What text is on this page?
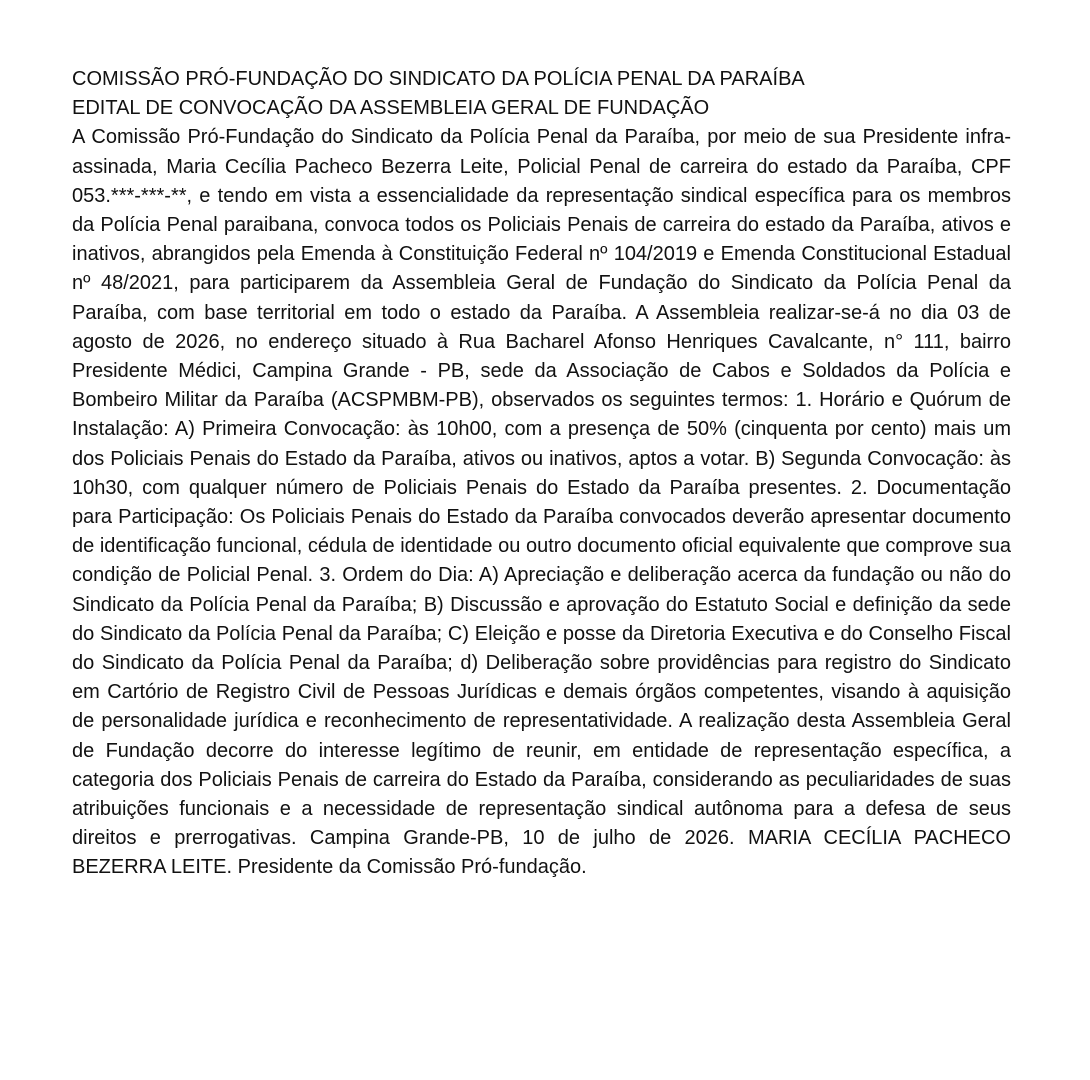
COMISSÃO PRÓ-FUNDAÇÃO DO SINDICATO DA POLÍCIA PENAL DA PARAÍBA

EDITAL DE CONVOCAÇÃO DA ASSEMBLEIA GERAL DE FUNDAÇÃO

A Comissão Pró-Fundação do Sindicato da Polícia Penal da Paraíba, por meio de sua Presidente infra-assinada, Maria Cecília Pacheco Bezerra Leite, Policial Penal de carreira do estado da Paraíba, CPF 053.***-***-**, e tendo em vista a essencialidade da representação sindical específica para os membros da Polícia Penal paraibana, convoca todos os Policiais Penais de carreira do estado da Paraíba, ativos e inativos, abrangidos pela Emenda à Constituição Federal nº 104/2019 e Emenda Constitucional Estadual nº 48/2021, para participarem da Assembleia Geral de Fundação do Sindicato da Polícia Penal da Paraíba, com base territorial em todo o estado da Paraíba. A Assembleia realizar-se-á no dia 03 de agosto de 2026, no endereço situado à Rua Bacharel Afonso Henriques Cavalcante, n° 111, bairro Presidente Médici, Campina Grande - PB, sede da Associação de Cabos e Soldados da Polícia e Bombeiro Militar da Paraíba (ACSPMBM-PB), observados os seguintes termos: 1. Horário e Quórum de Instalação: A) Primeira Convocação: às 10h00, com a presença de 50% (cinquenta por cento) mais um dos Policiais Penais do Estado da Paraíba, ativos ou inativos, aptos a votar. B) Segunda Convocação: às 10h30, com qualquer número de Policiais Penais do Estado da Paraíba presentes. 2. Documentação para Participação: Os Policiais Penais do Estado da Paraíba convocados deverão apresentar documento de identificação funcional, cédula de identidade ou outro documento oficial equivalente que comprove sua condição de Policial Penal. 3. Ordem do Dia: A) Apreciação e deliberação acerca da fundação ou não do Sindicato da Polícia Penal da Paraíba; B) Discussão e aprovação do Estatuto Social e definição da sede do Sindicato da Polícia Penal da Paraíba; C) Eleição e posse da Diretoria Executiva e do Conselho Fiscal do Sindicato da Polícia Penal da Paraíba; d) Deliberação sobre providências para registro do Sindicato em Cartório de Registro Civil de Pessoas Jurídicas e demais órgãos competentes, visando à aquisição de personalidade jurídica e reconhecimento de representatividade. A realização desta Assembleia Geral de Fundação decorre do interesse legítimo de reunir, em entidade de representação específica, a categoria dos Policiais Penais de carreira do Estado da Paraíba, considerando as peculiaridades de suas atribuições funcionais e a necessidade de representação sindical autônoma para a defesa de seus direitos e prerrogativas. Campina Grande-PB, 10 de julho de 2026. MARIA CECÍLIA PACHECO BEZERRA LEITE. Presidente da Comissão Pró-fundação.
